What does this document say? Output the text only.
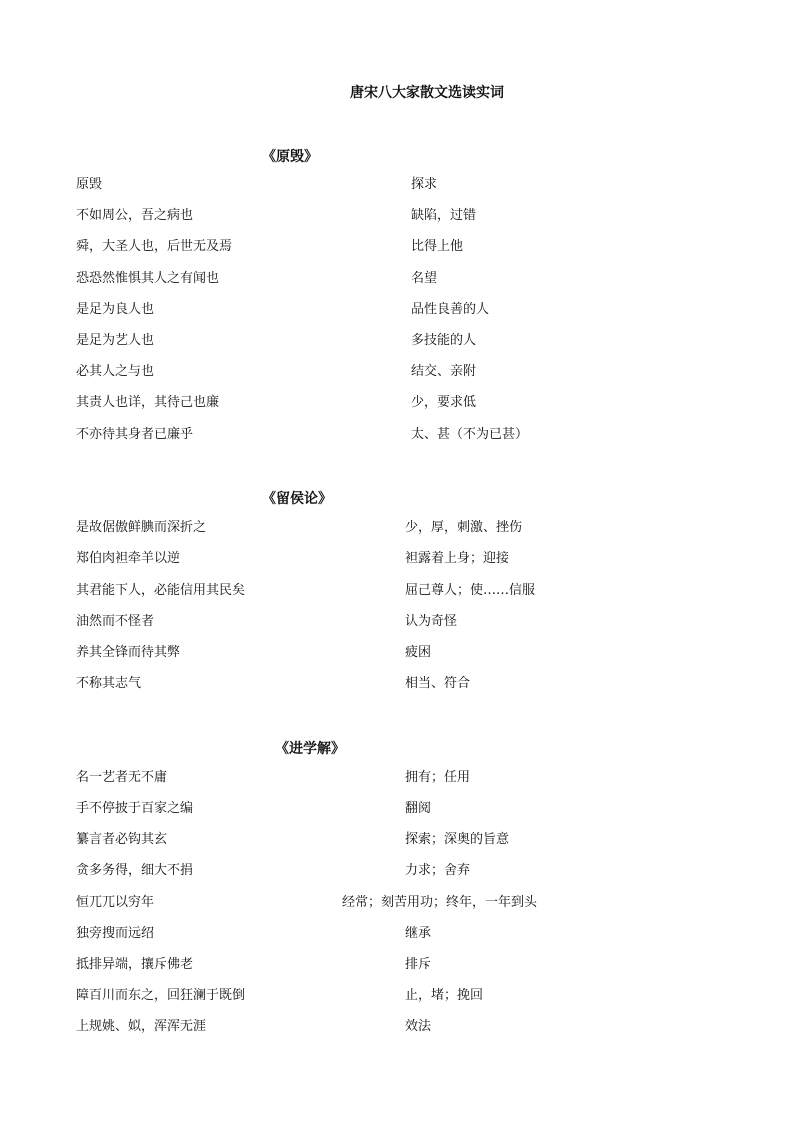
唐宋八大家散文选读实词
《原毁》
原毁	探求
不如周公，吾之病也	缺陷，过错
舜，大圣人也，后世无及焉	比得上他
恐恐然惟惧其人之有闻也	名望
是足为良人也	品性良善的人
是足为艺人也	多技能的人
必其人之与也	结交、亲附
其责人也详，其待己也廉	少，要求低
不亦待其身者已廉乎	太、甚（不为已甚）
《留侯论》
是故倨傲鲜腆而深折之	少，厚，刺激、挫伤
郑伯肉袒牵羊以逆	袒露着上身；迎接
其君能下人，必能信用其民矣	屈己尊人；使……信服
油然而不怪者	认为奇怪
养其全锋而待其弊	疲困
不称其志气	相当、符合
《进学解》
名一艺者无不庸	拥有；任用
手不停披于百家之编	翻阅
纂言者必钩其玄	探索；深奥的旨意
贪多务得，细大不捐	力求；舍弃
恒兀兀以穷年	经常；刻苦用功；终年，一年到头
独旁搜而远绍	继承
抵排异端，攘斥佛老	排斥
障百川而东之，回狂澜于既倒	止，堵；挽回
上规姚、姒，浑浑无涯	效法
